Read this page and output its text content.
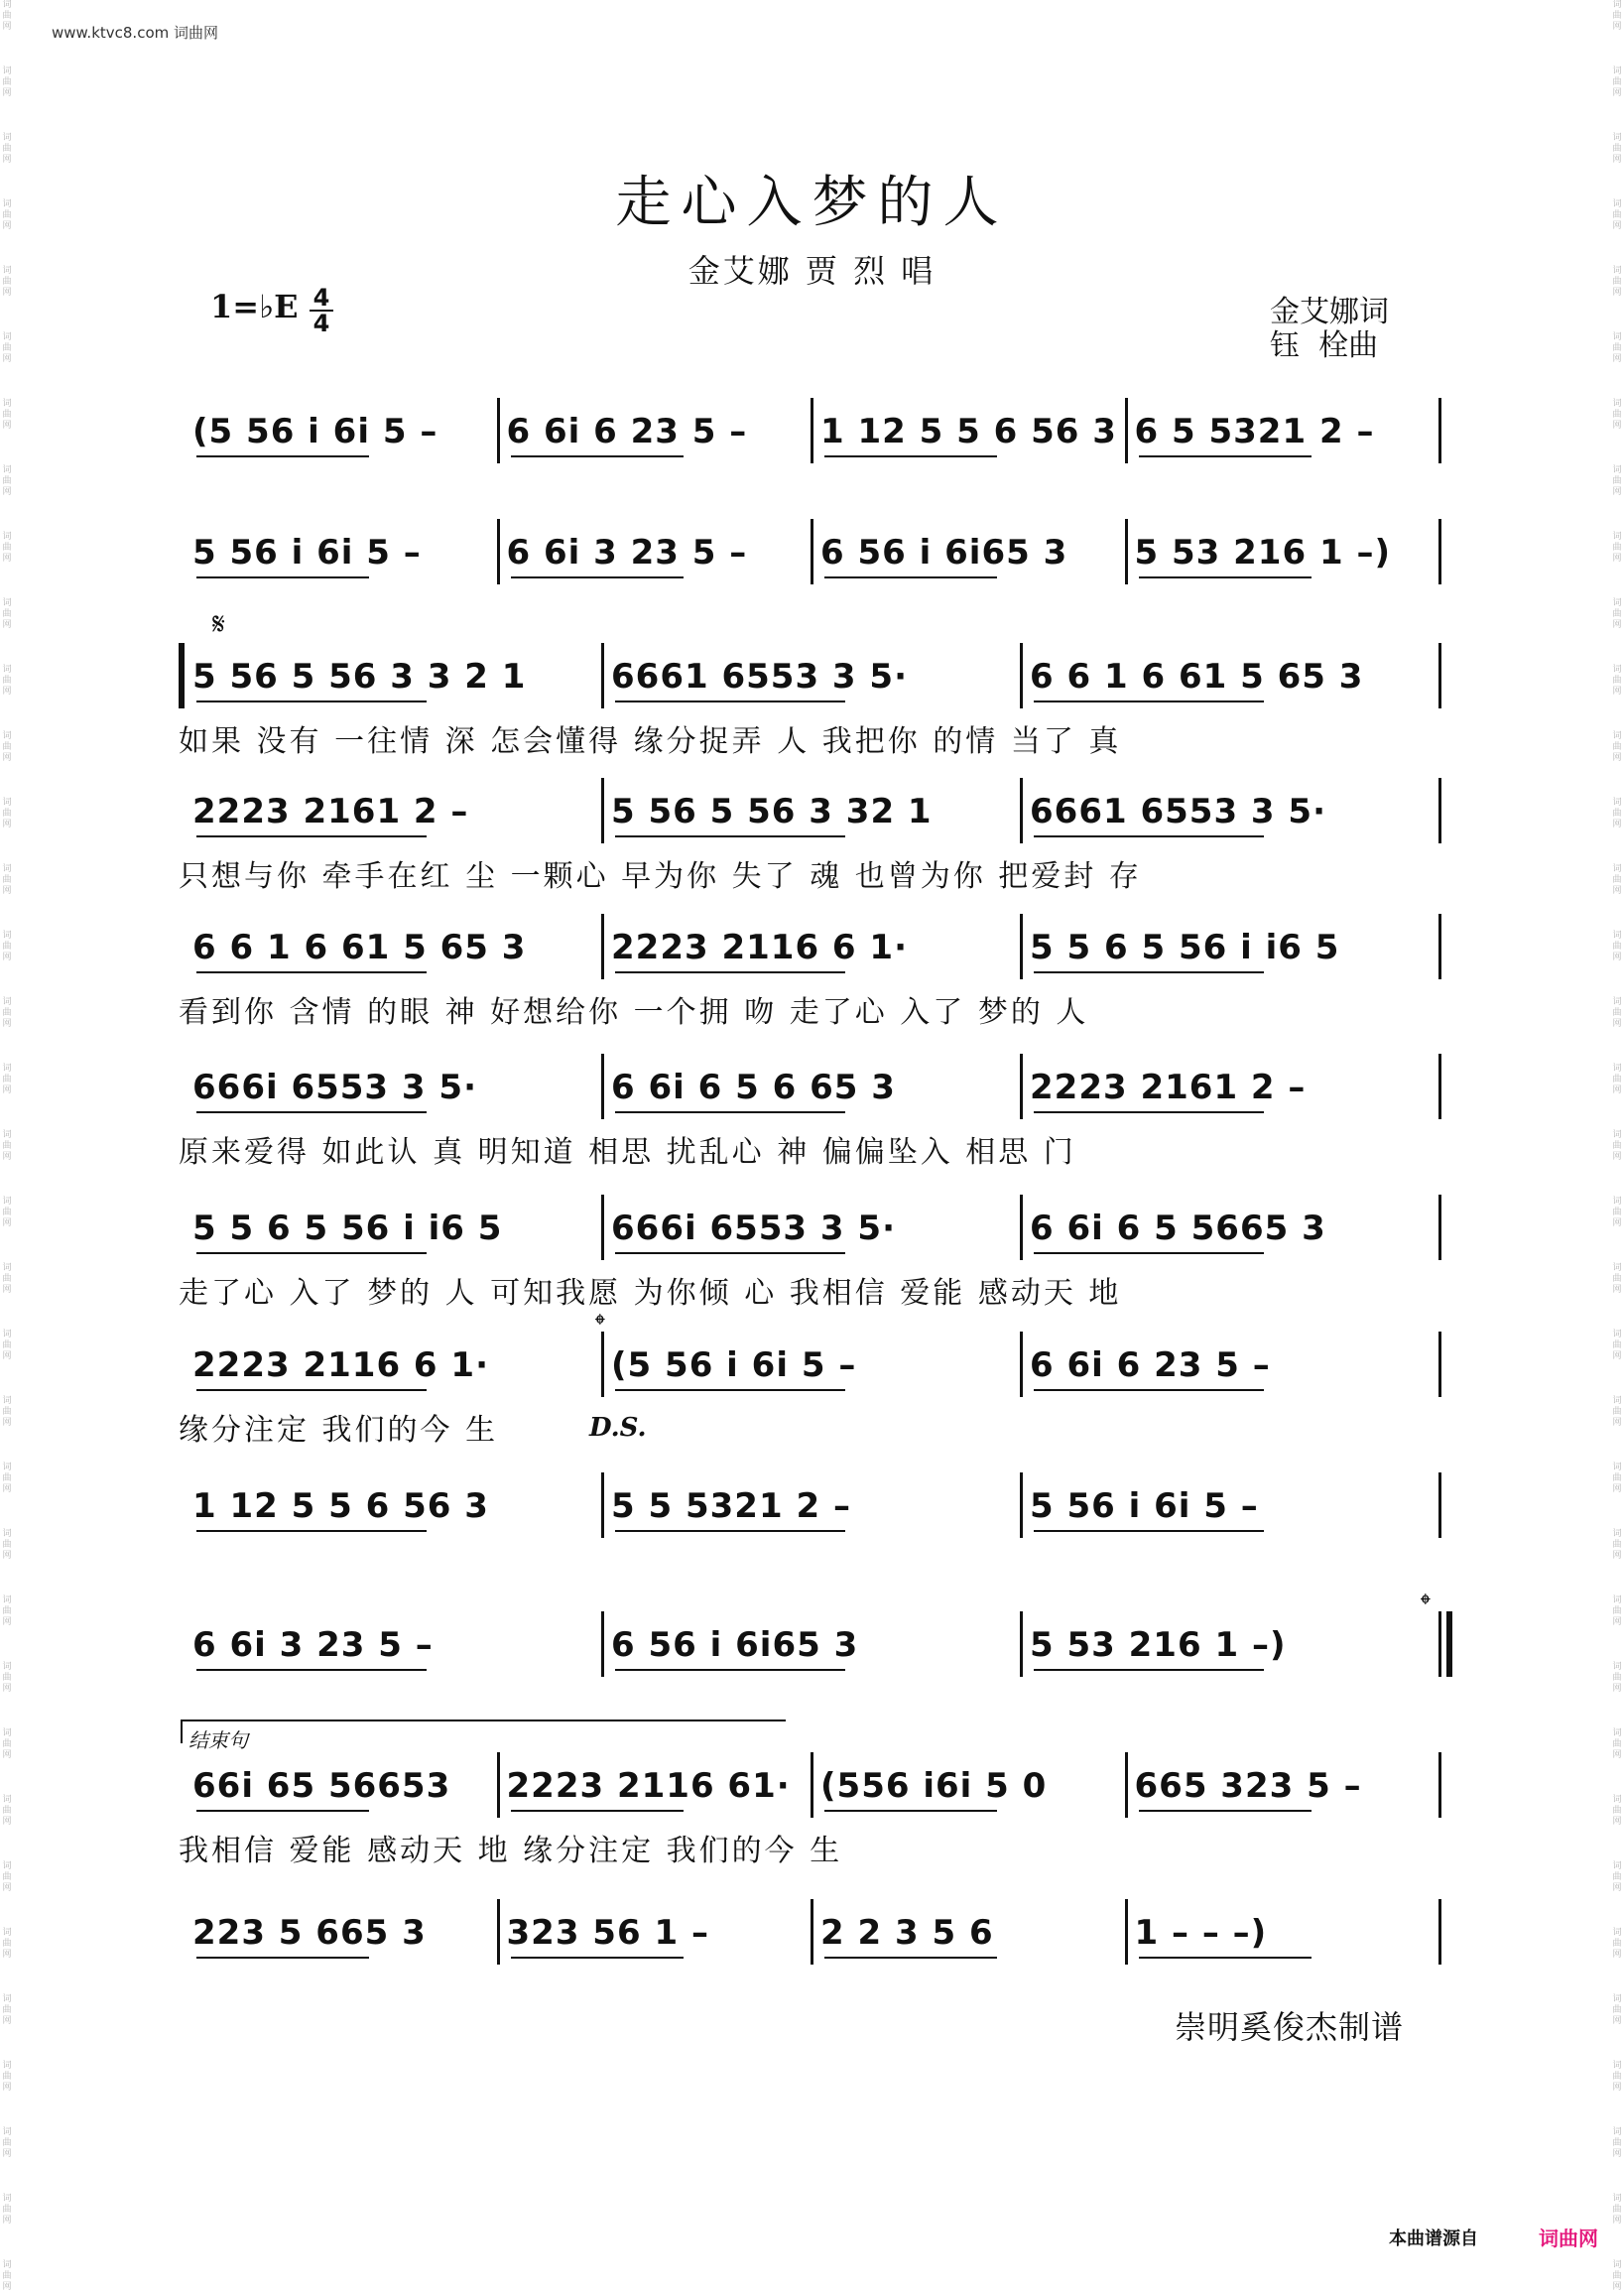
www.ktvc8.com 词曲网
词曲网
词曲网
词曲网
词曲网
词曲网
词曲网
词曲网
词曲网
词曲网
词曲网
词曲网
词曲网
词曲网
词曲网
词曲网
词曲网
词曲网
词曲网
词曲网
词曲网
词曲网
词曲网
词曲网
词曲网
词曲网
词曲网
词曲网
词曲网
词曲网
词曲网
词曲网
词曲网
词曲网
词曲网
词曲网
词曲网
词曲网
词曲网
词曲网
词曲网
词曲网
词曲网
词曲网
词曲网
词曲网
词曲网
词曲网
词曲网
词曲网
词曲网
词曲网
词曲网
词曲网
词曲网
词曲网
词曲网
词曲网
词曲网
词曲网
词曲网
词曲网
词曲网
词曲网
词曲网
词曲网
词曲网
词曲网
词曲网
词曲网
词曲网
走心入梦的人
金艾娜 贾 烈 唱
1=♭E 4
4	金艾娜词
钰  栓曲
(5 56 i 6i 5 –	6 6i 6 23 5 –	1 12 5 5 6 56 3 6 5 5321 2 –
5 56 i 6i 5 –	6 6i 3 23 5 –	6 56 i 6i65 3	5 53 216 1 –)
5 56 5 56 3 3 2 1	6661 6553 3 5·	6 6 1 6 61 5 65 3
如果 没有 一往情 深 怎会懂得 缘分捉弄 人 我把你 的情 当了 真
2223 2161 2 –	5 56 5 56 3 32 1	6661 6553 3 5·
只想与你 牵手在红 尘 一颗心 早为你 失了 魂 也曾为你 把爱封 存
6 6 1 6 61 5 65 3	2223 2116 6 1·	5 5 6 5 56 i i6 5
看到你 含情 的眼 神 好想给你 一个拥 吻 走了心 入了 梦的 人
666i 6553 3 5·	6 6i 6 5 6 65 3	2223 2161 2 –
原来爱得 如此认 真 明知道 相思 扰乱心 神 偏偏坠入 相思 门
5 5 6 5 56 i i6 5	666i 6553 3 5·	6 6i 6 5 5665 3
走了心 入了 梦的 人 可知我愿 为你倾 心 我相信 爱能 感动天 地
2223 2116 6 1·	(5 56 i 6i 5 –	6 6i 6 23 5 –
缘分注定 我们的今 生
1 12 5 5 6 56 3	5 5 5321 2 –	5 56 i 6i 5 –
6 6i 3 23 5 –	6 56 i 6i65 3	5 53 216 1 –)
66i 65 56653	2223 2116 61· (556 i6i 5 0	665 323 5 –
我相信 爱能 感动天 地 缘分注定 我们的今 生
223 5 665 3	323 56 1 –	2 2 3 5 6	1 – – –)
𝄋
𝄌
𝄌
D.S.
结束句
崇明奚俊杰制谱
本曲谱源自	词曲网
